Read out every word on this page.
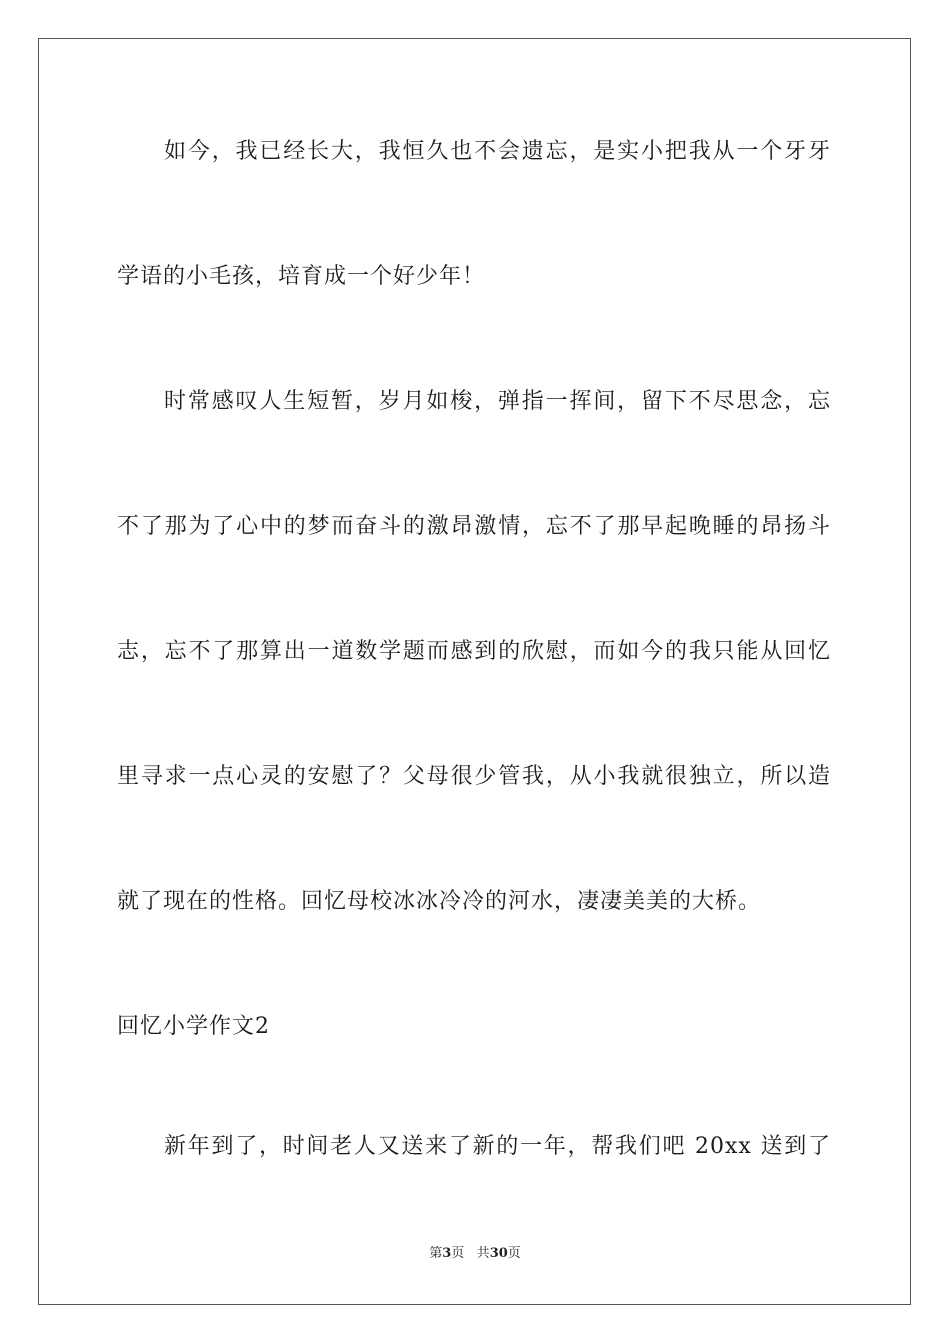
如今，我已经长大，我恒久也不会遗忘，是实小把我从一个牙牙
学语的小毛孩，培育成一个好少年！
时常感叹人生短暂，岁月如梭，弹指一挥间，留下不尽思念，忘
不了那为了心中的梦而奋斗的激昂激情，忘不了那早起晚睡的昂扬斗
志，忘不了那算出一道数学题而感到的欣慰，而如今的我只能从回忆
里寻求一点心灵的安慰了？父母很少管我，从小我就很独立，所以造
就了现在的性格。回忆母校冰冰冷冷的河水，凄凄美美的大桥。
回忆小学作文2
新年到了，时间老人又送来了新的一年，帮我们吧 20xx 送到了
第3页 共30页
